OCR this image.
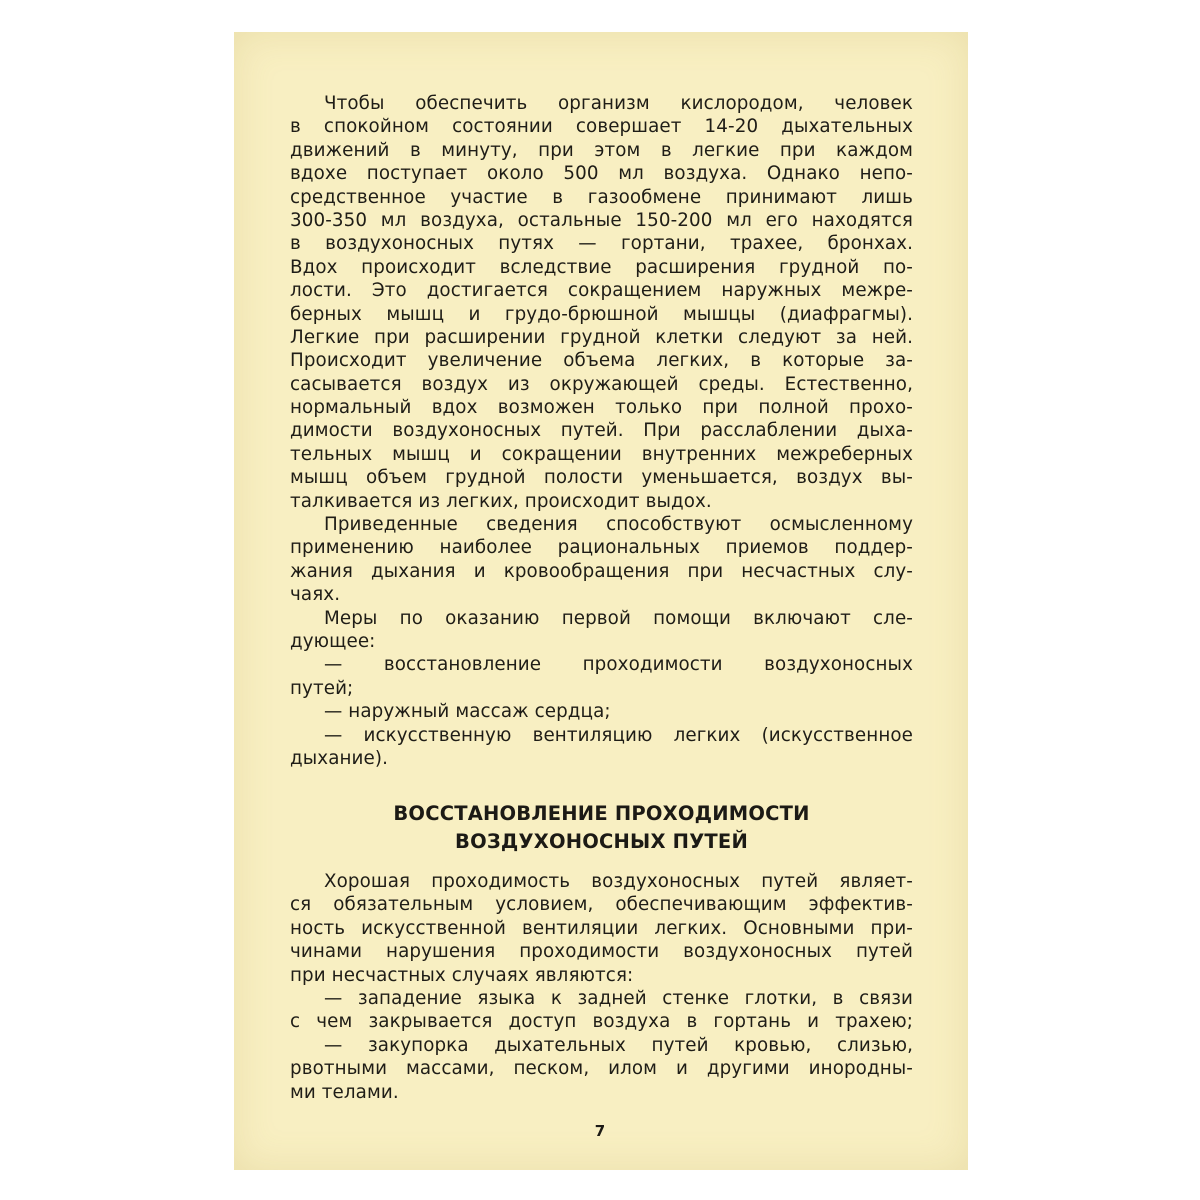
Чтобы обеспечить организм кислородом, человек
в спокойном состоянии совершает 14-20 дыхательных
движений в минуту, при этом в легкие при каждом
вдохе поступает около 500 мл воздуха. Однако непо-
средственное участие в газообмене принимают лишь
300-350 мл воздуха, остальные 150-200 мл его находятся
в воздухоносных путях — гортани, трахее, бронхах.
Вдох происходит вследствие расширения грудной по-
лости. Это достигается сокращением наружных межре-
берных мышц и грудо-брюшной мышцы (диафрагмы).
Легкие при расширении грудной клетки следуют за ней.
Происходит увеличение объема легких, в которые за-
сасывается воздух из окружающей среды. Естественно,
нормальный вдох возможен только при полной прохо-
димости воздухоносных путей. При расслаблении дыха-
тельных мышц и сокращении внутренних межреберных
мышц объем грудной полости уменьшается, воздух вы-
талкивается из легких, происходит выдох.
Приведенные сведения способствуют осмысленному
применению наиболее рациональных приемов поддер-
жания дыхания и кровообращения при несчастных слу-
чаях.
Меры по оказанию первой помощи включают сле-
дующее:
— восстановление проходимости воздухоносных
путей;
— наружный массаж сердца;
— искусственную вентиляцию легких (искусственное
дыхание).
ВОССТАНОВЛЕНИЕ ПРОХОДИМОСТИ
ВОЗДУХОНОСНЫХ ПУТЕЙ
Хорошая проходимость воздухоносных путей являет-
ся обязательным условием, обеспечивающим эффектив-
ность искусственной вентиляции легких. Основными при-
чинами нарушения проходимости воздухоносных путей
при несчастных случаях являются:
— западение языка к задней стенке глотки, в связи
с чем закрывается доступ воздуха в гортань и трахею;
— закупорка дыхательных путей кровью, слизью,
рвотными массами, песком, илом и другими инородны-
ми телами.
7
